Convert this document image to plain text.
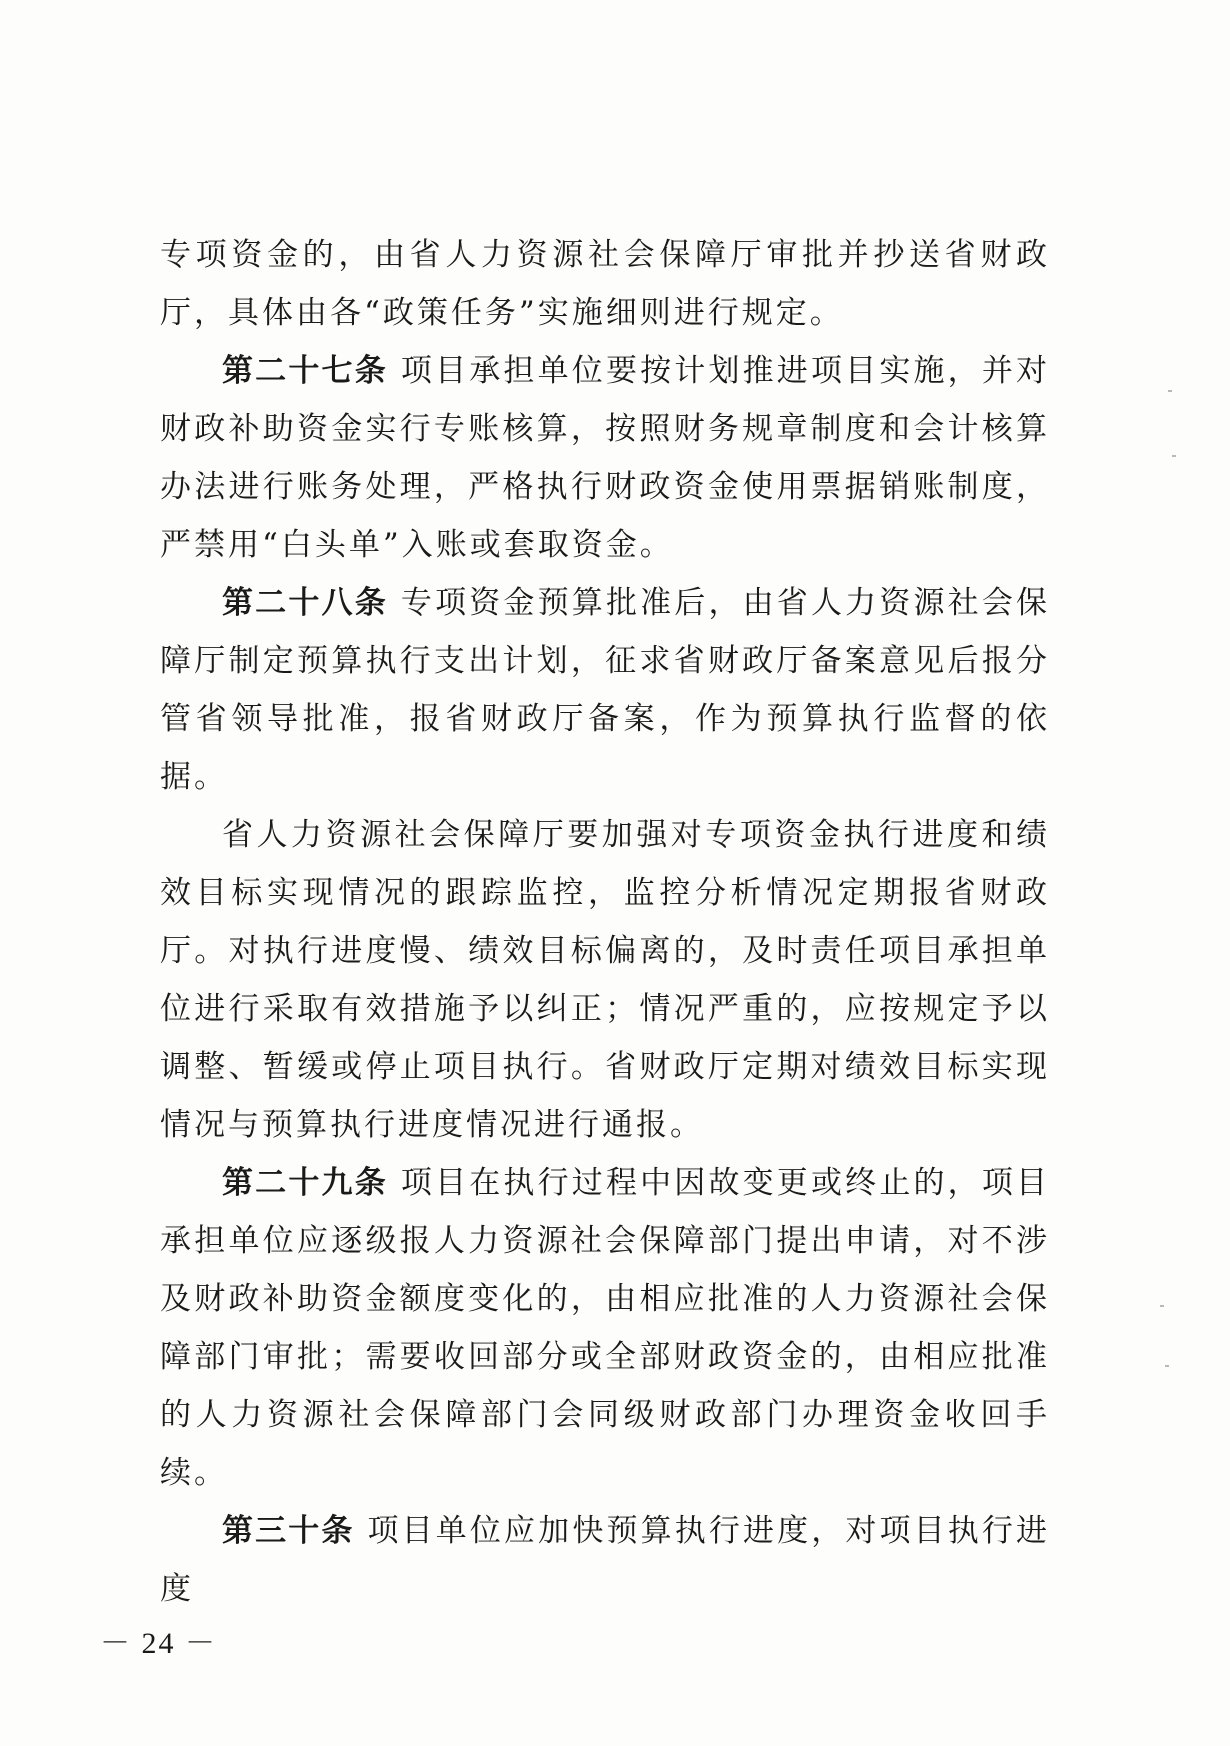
专项资金的，由省人力资源社会保障厅审批并抄送省财政厅，具体由各“政策任务”实施细则进行规定。

第二十七条 项目承担单位要按计划推进项目实施，并对财政补助资金实行专账核算，按照财务规章制度和会计核算办法进行账务处理，严格执行财政资金使用票据销账制度，严禁用“白头单”入账或套取资金。

第二十八条 专项资金预算批准后，由省人力资源社会保障厅制定预算执行支出计划，征求省财政厅备案意见后报分管省领导批准，报省财政厅备案，作为预算执行监督的依据。

省人力资源社会保障厅要加强对专项资金执行进度和绩效目标实现情况的跟踪监控，监控分析情况定期报省财政厅。对执行进度慢、绩效目标偏离的，及时责任项目承担单位进行采取有效措施予以纠正；情况严重的，应按规定予以调整、暂缓或停止项目执行。省财政厅定期对绩效目标实现情况与预算执行进度情况进行通报。

第二十九条 项目在执行过程中因故变更或终止的，项目承担单位应逐级报人力资源社会保障部门提出申请，对不涉及财政补助资金额度变化的，由相应批准的人力资源社会保障部门审批；需要收回部分或全部财政资金的，由相应批准的人力资源社会保障部门会同级财政部门办理资金收回手续。

第三十条 项目单位应加快预算执行进度，对项目执行进度

－ 24 －
